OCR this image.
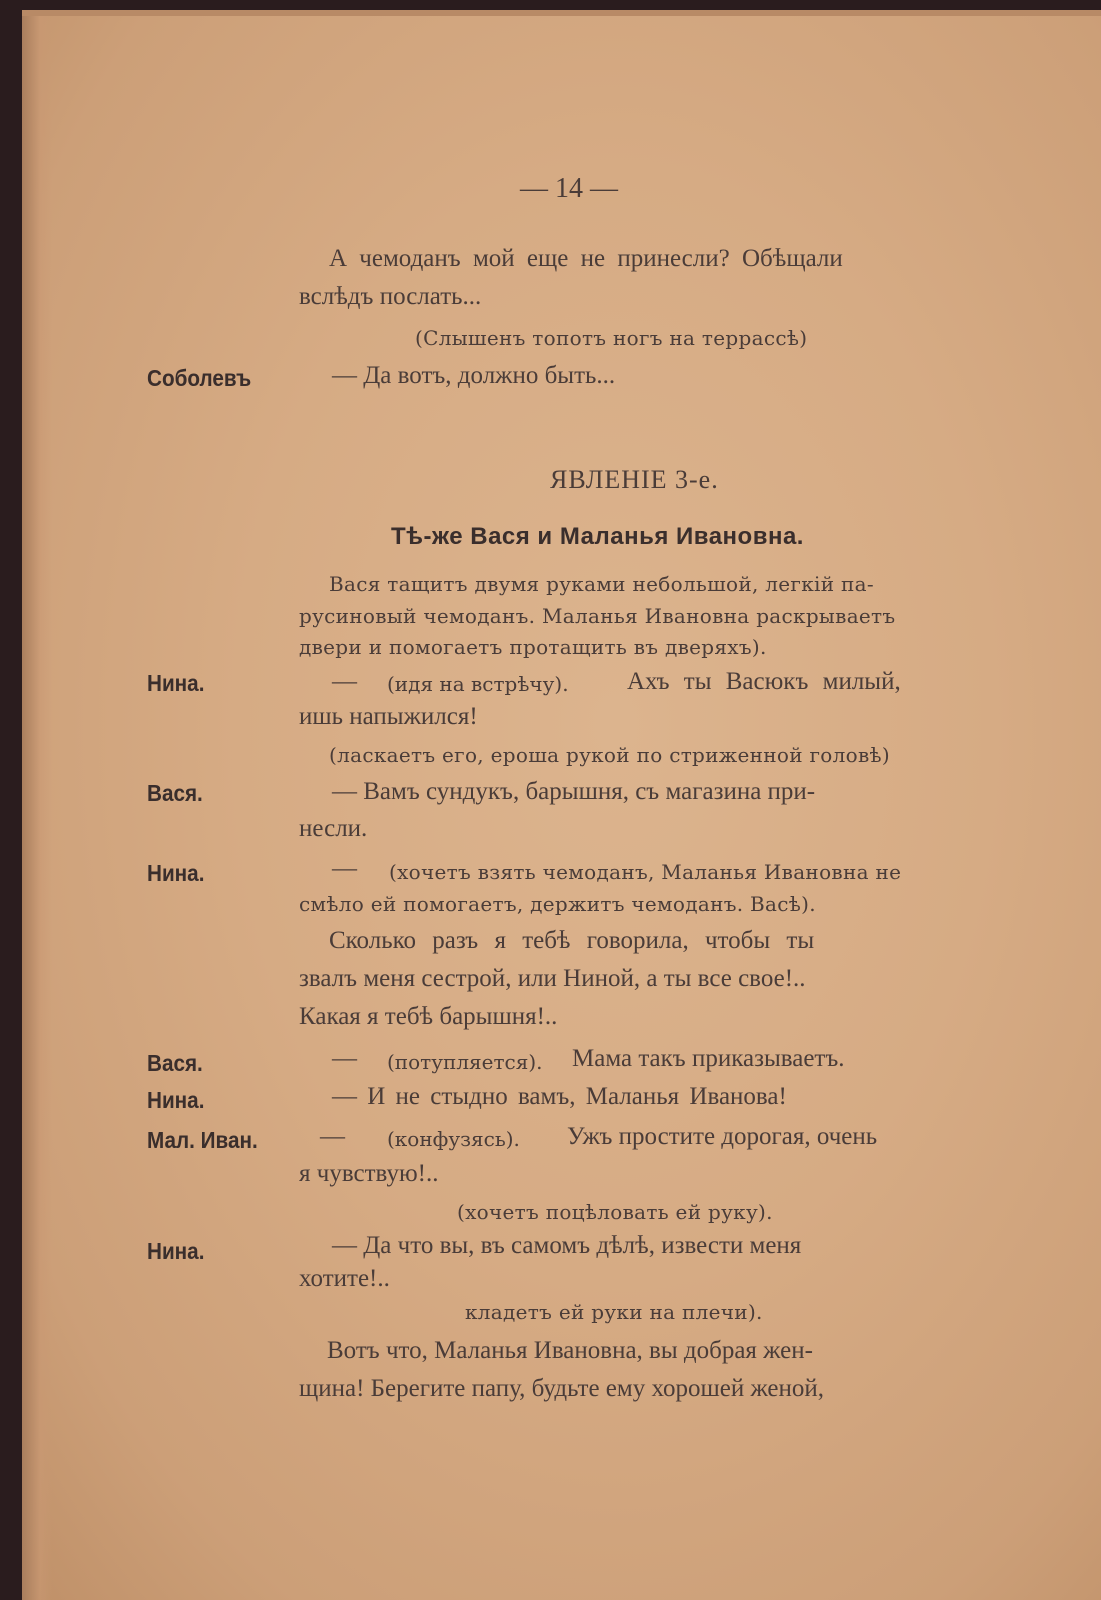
— 14 —

А чемоданъ мой еще не принесли? Обѣщали

вслѣдъ послать...

(Слышенъ топотъ ногъ на террассѣ)

Соболевъ	— Да вотъ, должно быть...

ЯВЛЕНІЕ 3-е.

Тѣ-же Вася и Маланья Ивановна.

Вася тащитъ двумя руками небольшой, легкій па-

русиновый чемоданъ. Маланья Ивановна раскрываетъ

двери и помогаетъ протащить въ дверяхъ).

Нина.	— (идя на встрѣчу). Ахъ ты Васюкъ милый,

ишь напыжился!

(ласкаетъ его, ероша рукой по стриженной головѣ)

Вася.	— Вамъ сундукъ, барышня, съ магазина при-

несли.

Нина.	— (хочетъ взять чемоданъ, Маланья Ивановна не

смѣло ей помогаетъ, держитъ чемоданъ. Васѣ).

Сколько разъ я тебѣ говорила, чтобы ты

звалъ меня сестрой, или Ниной, а ты все свое!..

Какая я тебѣ барышня!..

Вася.	— (потупляется). Мама такъ приказываетъ.

Нина.	— И не стыдно вамъ, Маланья Иванова!

Мал. Иван. — (конфузясь). Ужъ простите дорогая, очень

я чувствую!..

(хочетъ поцѣловать ей руку).

Нина.	— Да что вы, въ самомъ дѣлѣ, извести меня

хотите!..

кладетъ ей руки на плечи).

Вотъ что, Маланья Ивановна, вы добрая жен-

щина! Берегите папу, будьте ему хорошей женой,
